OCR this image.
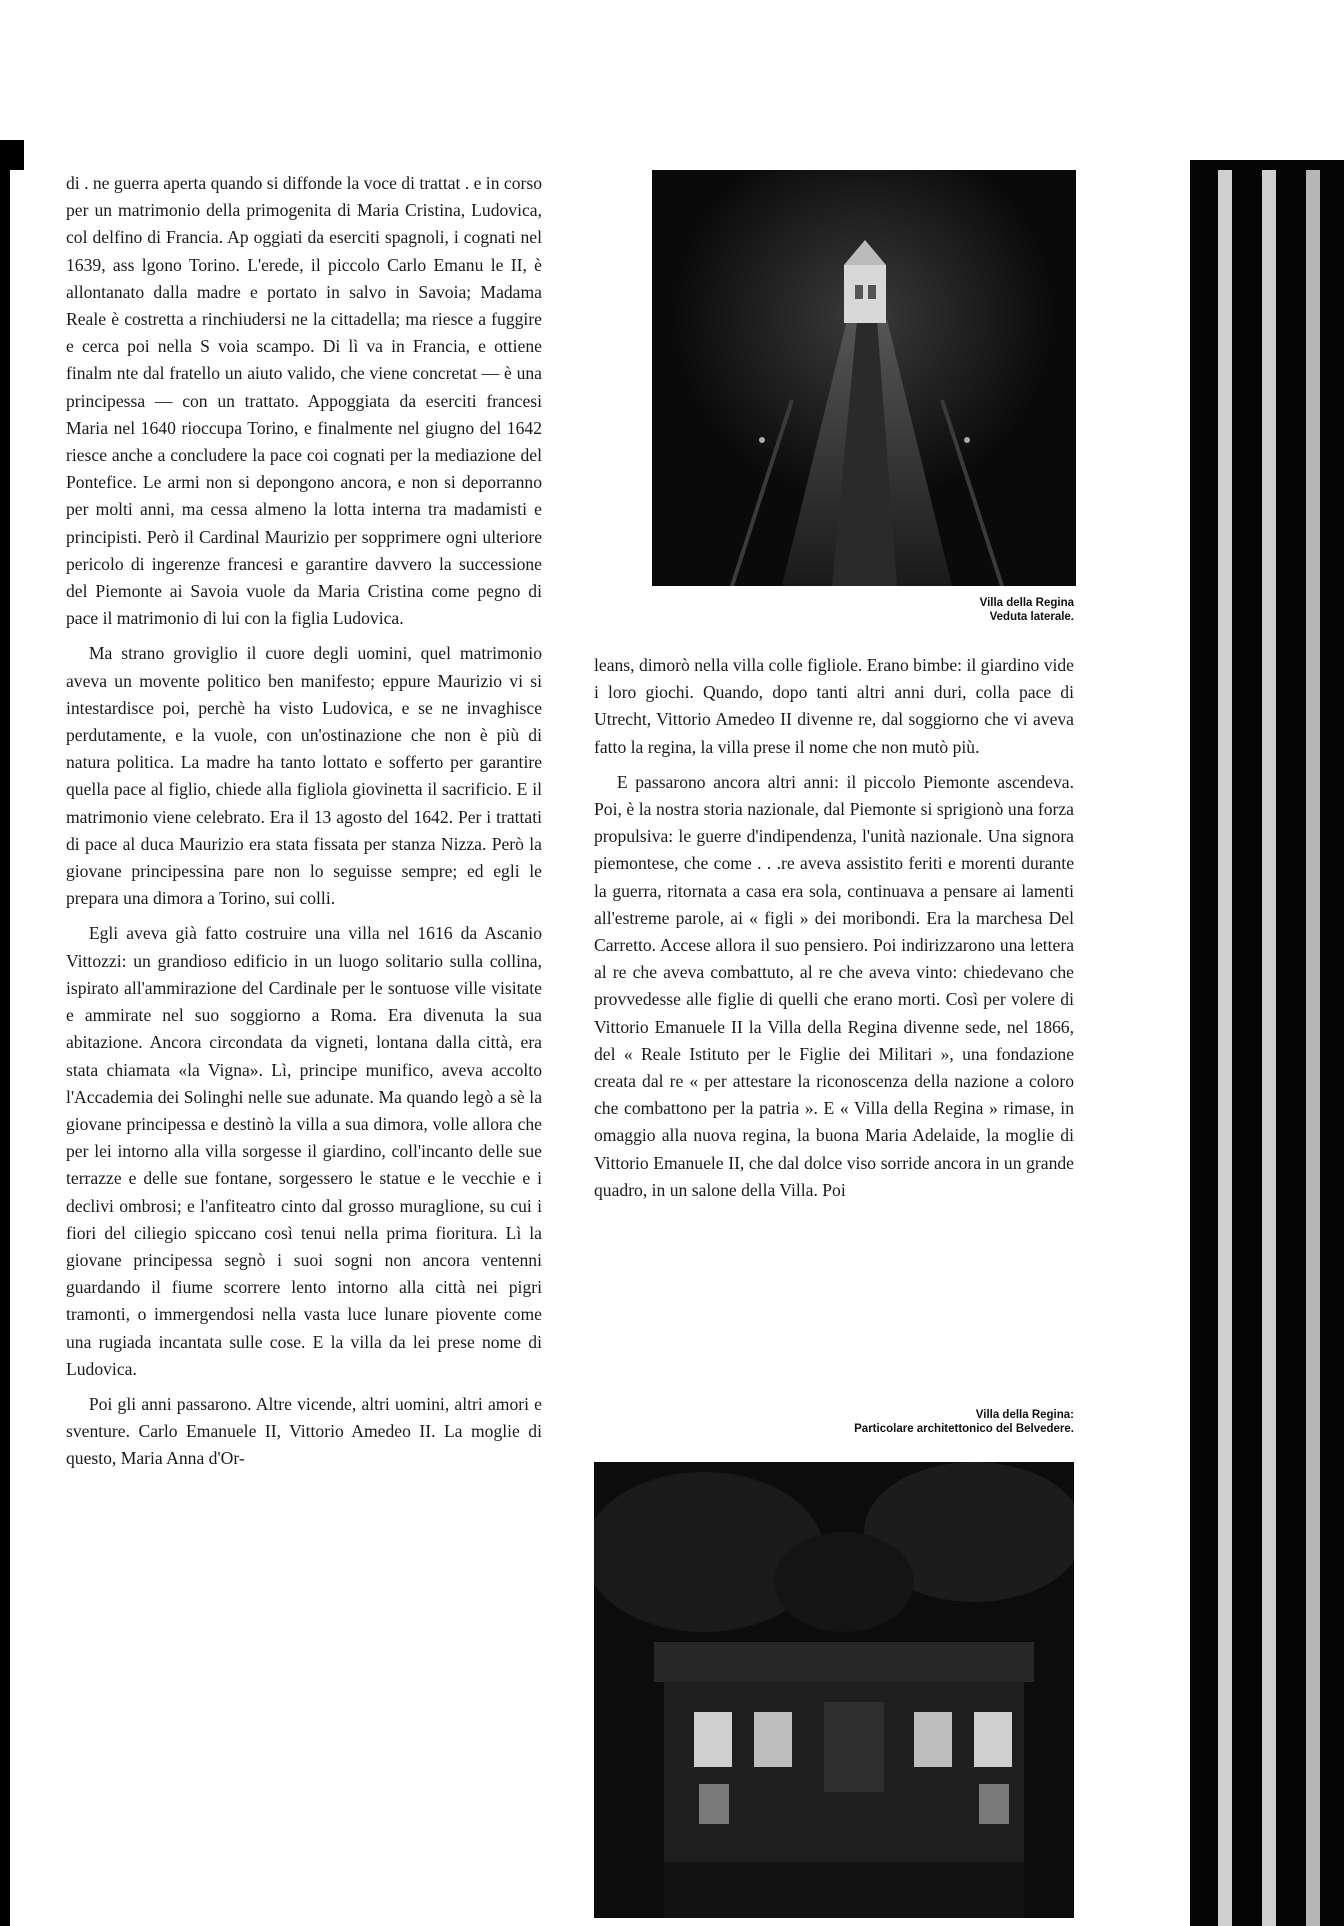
di . ne guerra aperta quando si diffonde la voce di trattat . e in corso per un matrimonio della primogenita di Maria Cristina, Ludovica, col delfino di Francia. Ap oggiati da eserciti spagnoli, i cognati nel 1639, ass lgono Torino. L'erede, il piccolo Carlo Emanu le II, è allontanato dalla madre e portato in salvo in Savoia; Madama Reale è costretta a rinchiudersi ne la cittadella; ma riesce a fuggire e cerca poi nella S voia scampo. Di lì va in Francia, e ottiene finalm nte dal fratello un aiuto valido, che viene concretat — è una principessa — con un trattato. Appoggiata da eserciti francesi Maria nel 1640 rioccupa Torino, e finalmente nel giugno del 1642 riesce anche a concludere la pace coi cognati per la mediazione del Pontefice. Le armi non si depongono ancora, e non si deporranno per molti anni, ma cessa almeno la lotta interna tra madamisti e principisti. Però il Cardinal Maurizio per sopprimere ogni ulteriore pericolo di ingerenze francesi e garantire davvero la successione del Piemonte ai Savoia vuole da Maria Cristina come pegno di pace il matrimonio di lui con la figlia Ludovica.

Ma strano groviglio il cuore degli uomini, quel matrimonio aveva un movente politico ben manifesto; eppure Maurizio vi si intestardisce poi, perchè ha visto Ludovica, e se ne invaghisce perdutamente, e la vuole, con un'ostinazione che non è più di natura politica. La madre ha tanto lottato e sofferto per garantire quella pace al figlio, chiede alla figliola giovinetta il sacrificio. E il matrimonio viene celebrato. Era il 13 agosto del 1642. Per i trattati di pace al duca Maurizio era stata fissata per stanza Nizza. Però la giovane principessina pare non lo seguisse sempre; ed egli le prepara una dimora a Torino, sui colli.

Egli aveva già fatto costruire una villa nel 1616 da Ascanio Vittozzi: un grandioso edificio in un luogo solitario sulla collina, ispirato all'ammirazione del Cardinale per le sontuose ville visitate e ammirate nel suo soggiorno a Roma. Era divenuta la sua abitazione. Ancora circondata da vigneti, lontana dalla città, era stata chiamata «la Vigna». Lì, principe munifico, aveva accolto l'Accademia dei Solinghi nelle sue adunate. Ma quando legò a sè la giovane principessa e destinò la villa a sua dimora, volle allora che per lei intorno alla villa sorgesse il giardino, coll'incanto delle sue terrazze e delle sue fontane, sorgessero le statue e le vecchie e i declivi ombrosi; e l'anfiteatro cinto dal grosso muraglione, su cui i fiori del ciliegio spiccano così tenui nella prima fioritura. Lì la giovane principessa segnò i suoi sogni non ancora ventenni guardando il fiume scorrere lento intorno alla città nei pigri tramonti, o immergendosi nella vasta luce lunare piovente come una rugiada incantata sulle cose. E la villa da lei prese nome di Ludovica.

Poi gli anni passarono. Altre vicende, altri uomini, altri amori e sventure. Carlo Emanuele II, Vittorio Amedeo II. La moglie di questo, Maria Anna d'Or-

Villa della Regina
Veduta laterale.

leans, dimorò nella villa colle figliole. Erano bimbe: il giardino vide i loro giochi. Quando, dopo tanti altri anni duri, colla pace di Utrecht, Vittorio Amedeo II divenne re, dal soggiorno che vi aveva fatto la regina, la villa prese il nome che non mutò più.

E passarono ancora altri anni: il piccolo Piemonte ascendeva. Poi, è la nostra storia nazionale, dal Piemonte si sprigionò una forza propulsiva: le guerre d'indipendenza, l'unità nazionale. Una signora piemontese, che come . . .re aveva assistito feriti e morenti durante la guerra, ritornata a casa era sola, continuava a pensare ai lamenti all'estreme parole, ai « figli » dei moribondi. Era la marchesa Del Carretto. Accese allora il suo pensiero. Poi indirizzarono una lettera al re che aveva combattuto, al re che aveva vinto: chiedevano che provvedesse alle figlie di quelli che erano morti. Così per volere di Vittorio Emanuele II la Villa della Regina divenne sede, nel 1866, del « Reale Istituto per le Figlie dei Militari », una fondazione creata dal re « per attestare la riconoscenza della nazione a coloro che combattono per la patria ». E « Villa della Regina » rimase, in omaggio alla nuova regina, la buona Maria Adelaide, la moglie di Vittorio Emanuele II, che dal dolce viso sorride ancora in un grande quadro, in un salone della Villa. Poi

Villa della Regina:
Particolare architettonico del Belvedere.
